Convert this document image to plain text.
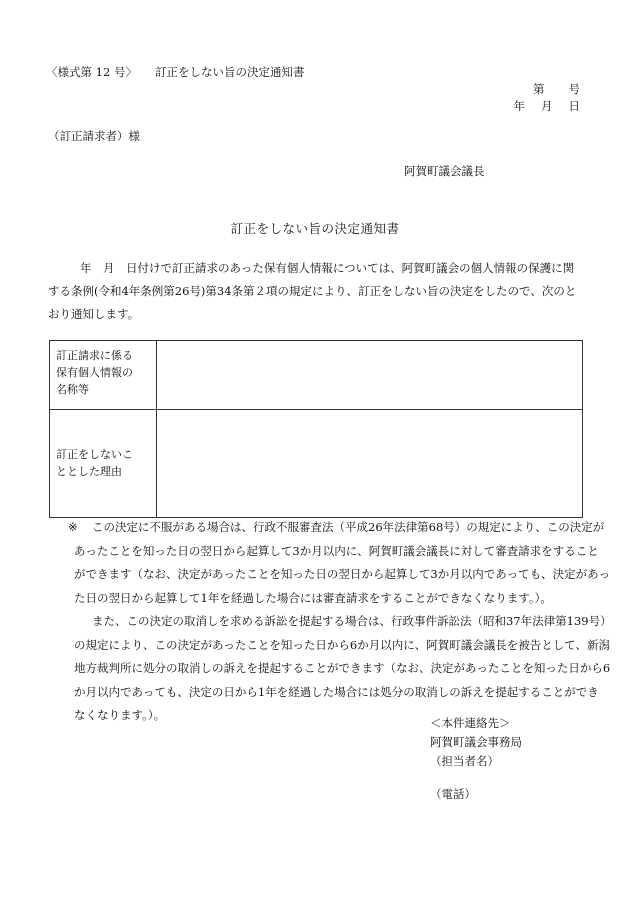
〈様式第 12 号〉 訂正をしない旨の決定通知書
第 号
年 月 日
（訂正請求者）様
阿賀町議会議長
訂正をしない旨の決定通知書
年　月　日付けで訂正請求のあった保有個人情報については、阿賀町議会の個人情報の保護に関
する条例(令和4年条例第26号)第34条第２項の規定により、訂正をしない旨の決定をしたので、次のと
おり通知します。
訂正請求に係る
保有個人情報の
名称等	

訂正をしないこ
ととした理由	

※	この決定に不服がある場合は、行政不服審査法（平成26年法律第68号）の規定により、この決定が
あったことを知った日の翌日から起算して3か月以内に、阿賀町議会議長に対して審査請求をすること
ができます（なお、決定があったことを知った日の翌日から起算して3か月以内であっても、決定があっ
た日の翌日から起算して1年を経過した場合には審査請求をすることができなくなります。）。
また、この決定の取消しを求める訴訟を提起する場合は、行政事件訴訟法（昭和37年法律第139号）
の規定により、この決定があったことを知った日から6か月以内に、阿賀町議会議長を被告として、新潟
地方裁判所に処分の取消しの訴えを提起することができます（なお、決定があったことを知った日から6
か月以内であっても、決定の日から1年を経過した場合には処分の取消しの訴えを提起することができ
なくなります。）。
＜本件連絡先＞
阿賀町議会事務局
（担当者名）
（電話）
